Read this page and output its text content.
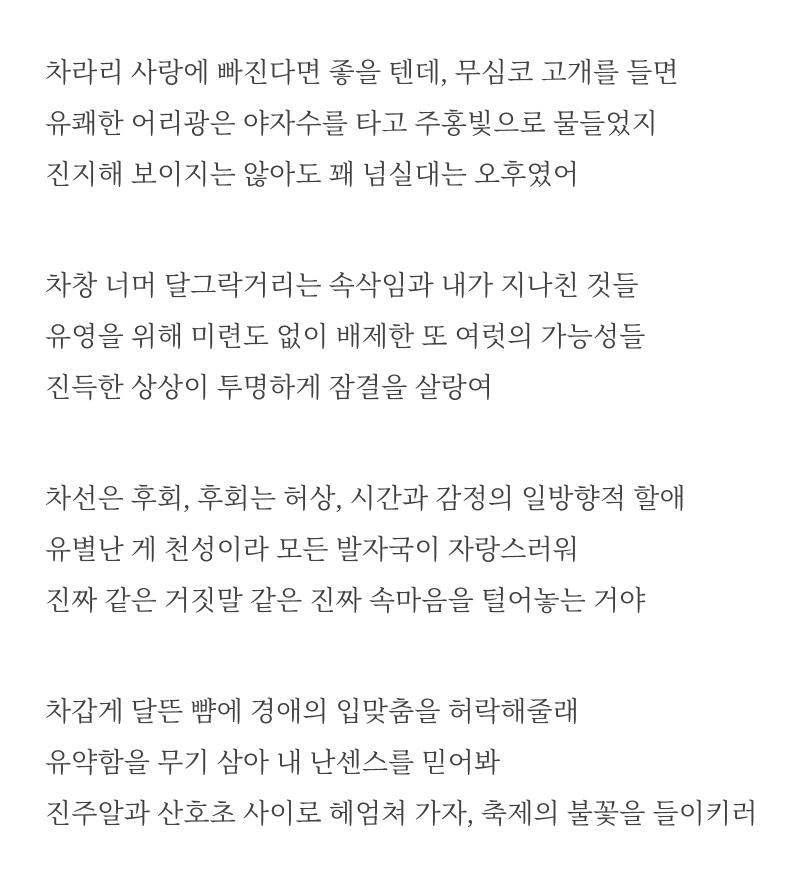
차라리 사랑에 빠진다면 좋을 텐데, 무심코 고개를 들면

유쾌한 어리광은 야자수를 타고 주홍빛으로 물들었지

진지해 보이지는 않아도 꽤 넘실대는 오후였어

차창 너머 달그락거리는 속삭임과 내가 지나친 것들

유영을 위해 미련도 없이 배제한 또 여럿의 가능성들

진득한 상상이 투명하게 잠결을 살랑여

차선은 후회, 후회는 허상, 시간과 감정의 일방향적 할애

유별난 게 천성이라 모든 발자국이 자랑스러워

진짜 같은 거짓말 같은 진짜 속마음을 털어놓는 거야

차갑게 달뜬 뺨에 경애의 입맞춤을 허락해줄래

유약함을 무기 삼아 내 난센스를 믿어봐

진주알과 산호초 사이로 헤엄쳐 가자, 축제의 불꽃을 들이키러
